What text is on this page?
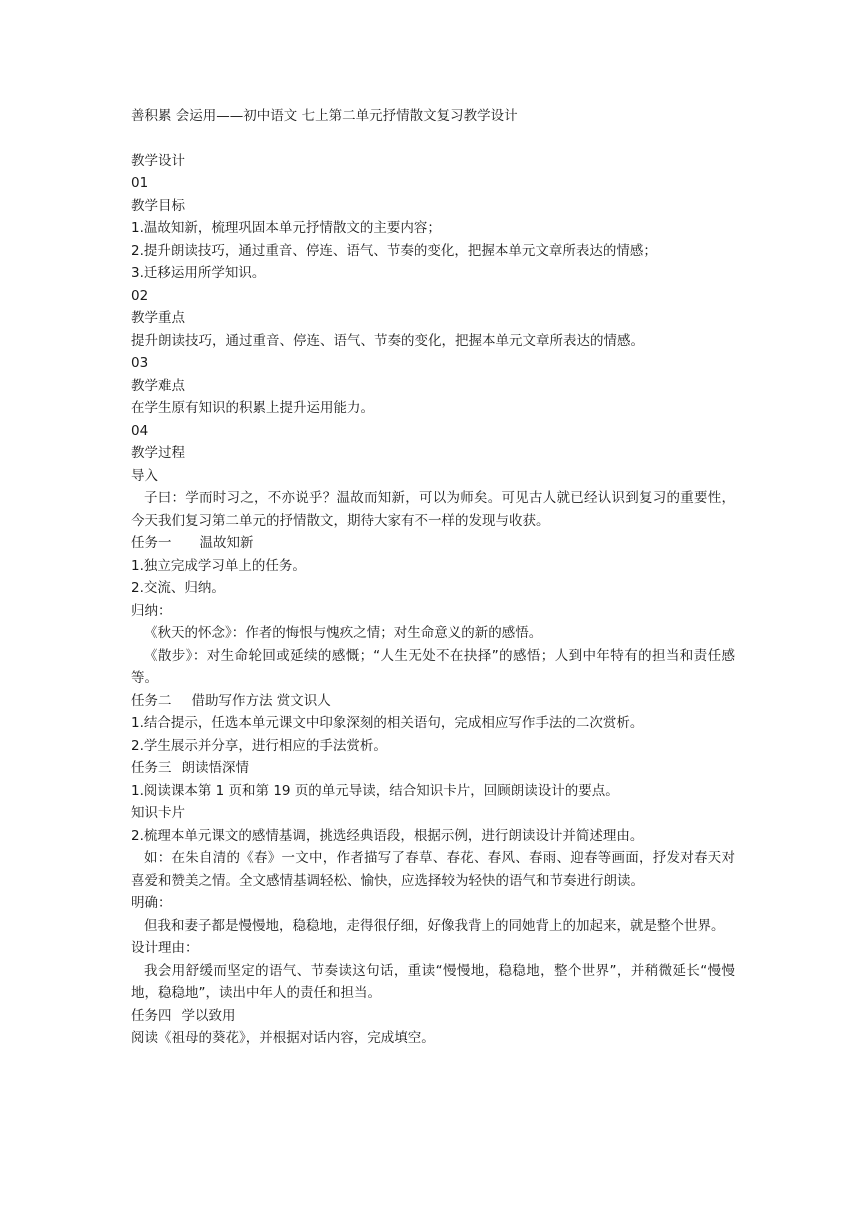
善积累 会运用——初中语文 七上第二单元抒情散文复习教学设计

教学设计

01

教学目标

1.温故知新，梳理巩固本单元抒情散文的主要内容；

2.提升朗读技巧，通过重音、停连、语气、节奏的变化，把握本单元文章所表达的情感；

3.迁移运用所学知识。

02

教学重点

提升朗读技巧，通过重音、停连、语气、节奏的变化，把握本单元文章所表达的情感。

03

教学难点

在学生原有知识的积累上提升运用能力。

04

教学过程

导入

子曰：学而时习之，不亦说乎？温故而知新，可以为师矣。可见古人就已经认识到复习的重要性，今天我们复习第二单元的抒情散文，期待大家有不一样的发现与收获。

任务一 温故知新

1.独立完成学习单上的任务。

2.交流、归纳。

归纳：

《秋天的怀念》：作者的悔恨与愧疚之情；对生命意义的新的感悟。

《散步》：对生命轮回或延续的感慨；“人生无处不在抉择”的感悟；人到中年特有的担当和责任感等。

任务二 借助写作方法 赏文识人

1.结合提示，任选本单元课文中印象深刻的相关语句，完成相应写作手法的二次赏析。

2.学生展示并分享，进行相应的手法赏析。

任务三 朗读悟深情

1.阅读课本第 1 页和第 19 页的单元导读，结合知识卡片，回顾朗读设计的要点。

知识卡片

2.梳理本单元课文的感情基调，挑选经典语段，根据示例，进行朗读设计并简述理由。

如：在朱自清的《春》一文中，作者描写了春草、春花、春风、春雨、迎春等画面，抒发对春天对喜爱和赞美之情。全文感情基调轻松、愉快，应选择较为轻快的语气和节奏进行朗读。

明确：

但我和妻子都是慢慢地，稳稳地，走得很仔细，好像我背上的同她背上的加起来，就是整个世界。

设计理由：

我会用舒缓而坚定的语气、节奏读这句话，重读“慢慢地，稳稳地，整个世界”，并稍微延长“慢慢地，稳稳地”，读出中年人的责任和担当。

任务四 学以致用

阅读《祖母的葵花》，并根据对话内容，完成填空。
